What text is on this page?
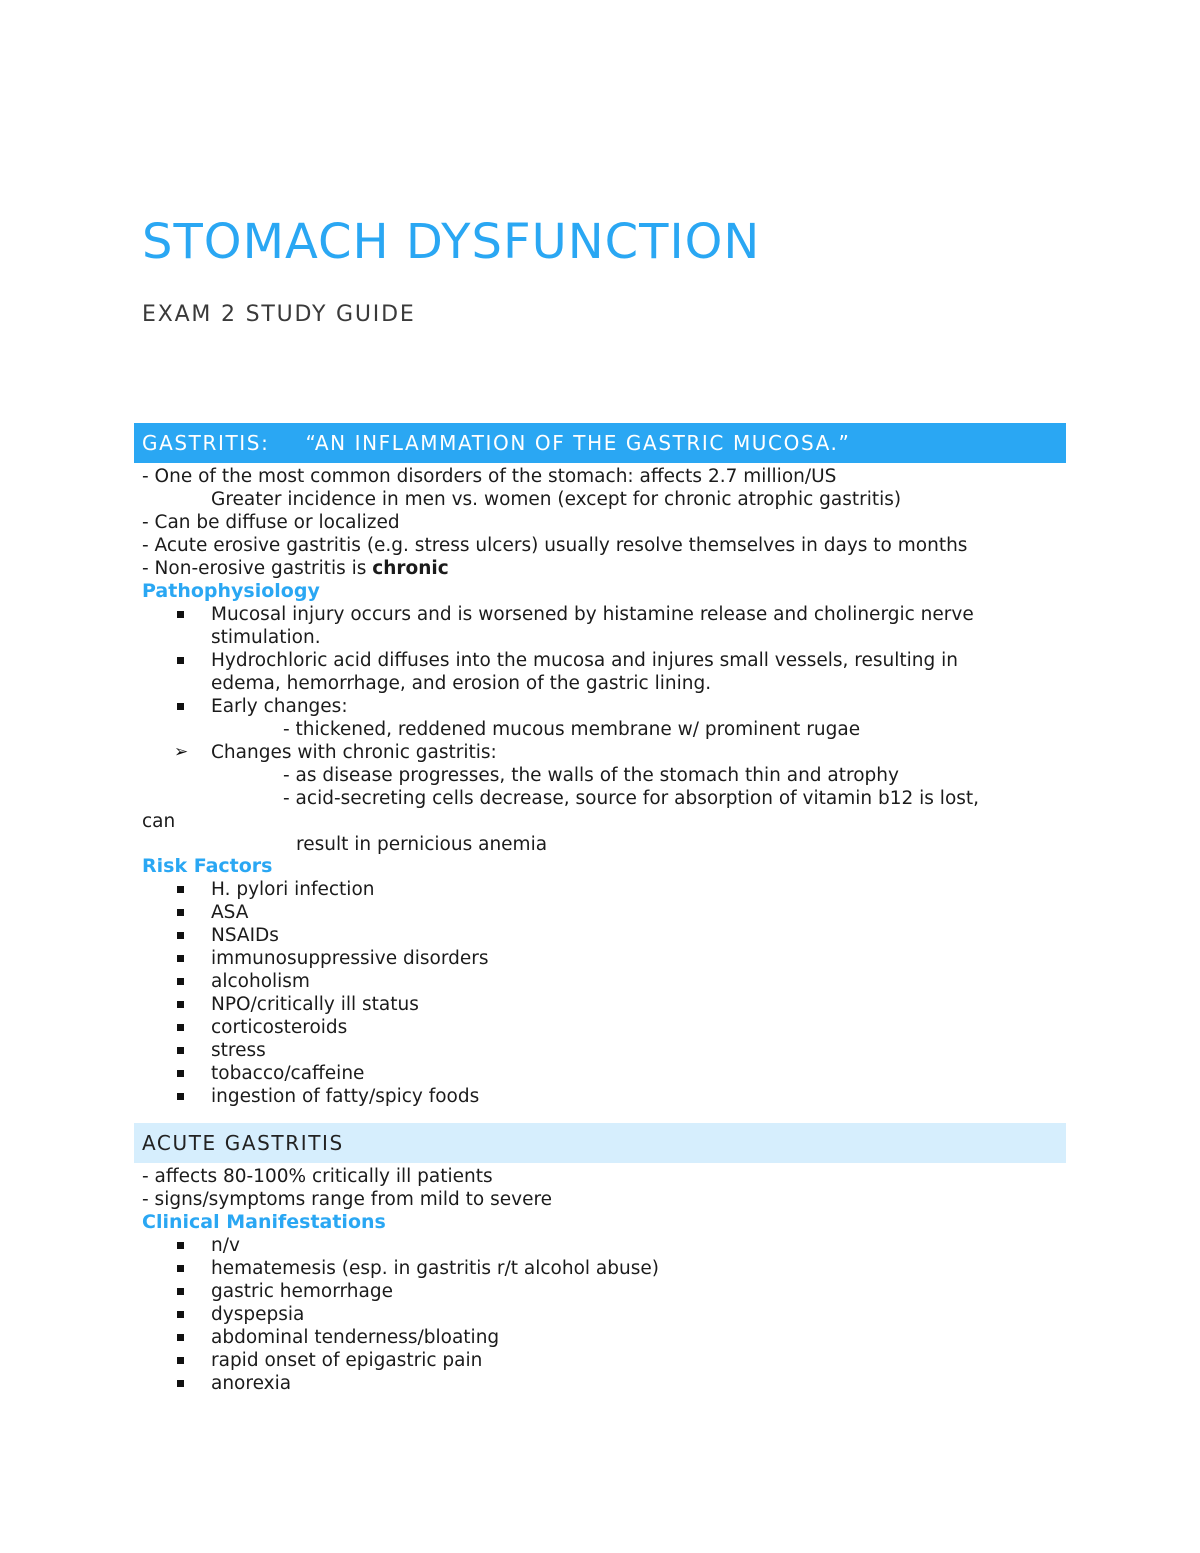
STOMACH DYSFUNCTION
EXAM 2 STUDY GUIDE
GASTRITIS: “AN INFLAMMATION OF THE GASTRIC MUCOSA.”
- One of the most common disorders of the stomach: affects 2.7 million/US
Greater incidence in men vs. women (except for chronic atrophic gastritis)
- Can be diffuse or localized
- Acute erosive gastritis (e.g. stress ulcers) usually resolve themselves in days to months
- Non-erosive gastritis is chronic
Pathophysiology
Mucosal injury occurs and is worsened by histamine release and cholinergic nerve
stimulation.
Hydrochloric acid diffuses into the mucosa and injures small vessels, resulting in
edema, hemorrhage, and erosion of the gastric lining.
Early changes:
- thickened, reddened mucous membrane w/ prominent rugae
➢ Changes with chronic gastritis:
- as disease progresses, the walls of the stomach thin and atrophy
- acid-secreting cells decrease, source for absorption of vitamin b12 is lost,
can
result in pernicious anemia
Risk Factors
H. pylori infection
ASA
NSAIDs
immunosuppressive disorders
alcoholism
NPO/critically ill status
corticosteroids
stress
tobacco/caffeine
ingestion of fatty/spicy foods
ACUTE GASTRITIS
- affects 80-100% critically ill patients
- signs/symptoms range from mild to severe
Clinical Manifestations
n/v
hematemesis (esp. in gastritis r/t alcohol abuse)
gastric hemorrhage
dyspepsia
abdominal tenderness/bloating
rapid onset of epigastric pain
anorexia
